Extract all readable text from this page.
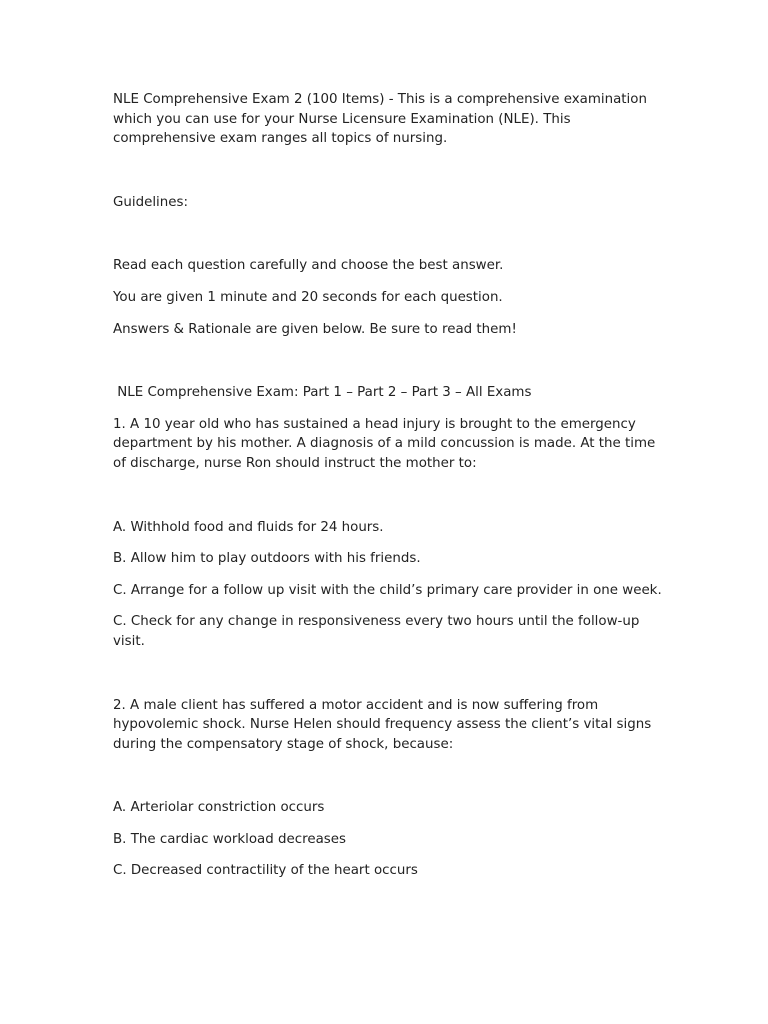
NLE Comprehensive Exam 2 (100 Items) - This is a comprehensive examination which you can use for your Nurse Licensure Examination (NLE). This comprehensive exam ranges all topics of nursing.

Guidelines:

Read each question carefully and choose the best answer.

You are given 1 minute and 20 seconds for each question.

Answers & Rationale are given below. Be sure to read them!

NLE Comprehensive Exam: Part 1 – Part 2 – Part 3 – All Exams

1. A 10 year old who has sustained a head injury is brought to the emergency department by his mother. A diagnosis of a mild concussion is made. At the time of discharge, nurse Ron should instruct the mother to:

A. Withhold food and fluids for 24 hours.

B. Allow him to play outdoors with his friends.

C. Arrange for a follow up visit with the child’s primary care provider in one week.

C. Check for any change in responsiveness every two hours until the follow-up visit.

2. A male client has suffered a motor accident and is now suffering from hypovolemic shock. Nurse Helen should frequency assess the client’s vital signs during the compensatory stage of shock, because:

A. Arteriolar constriction occurs

B. The cardiac workload decreases

C. Decreased contractility of the heart occurs
